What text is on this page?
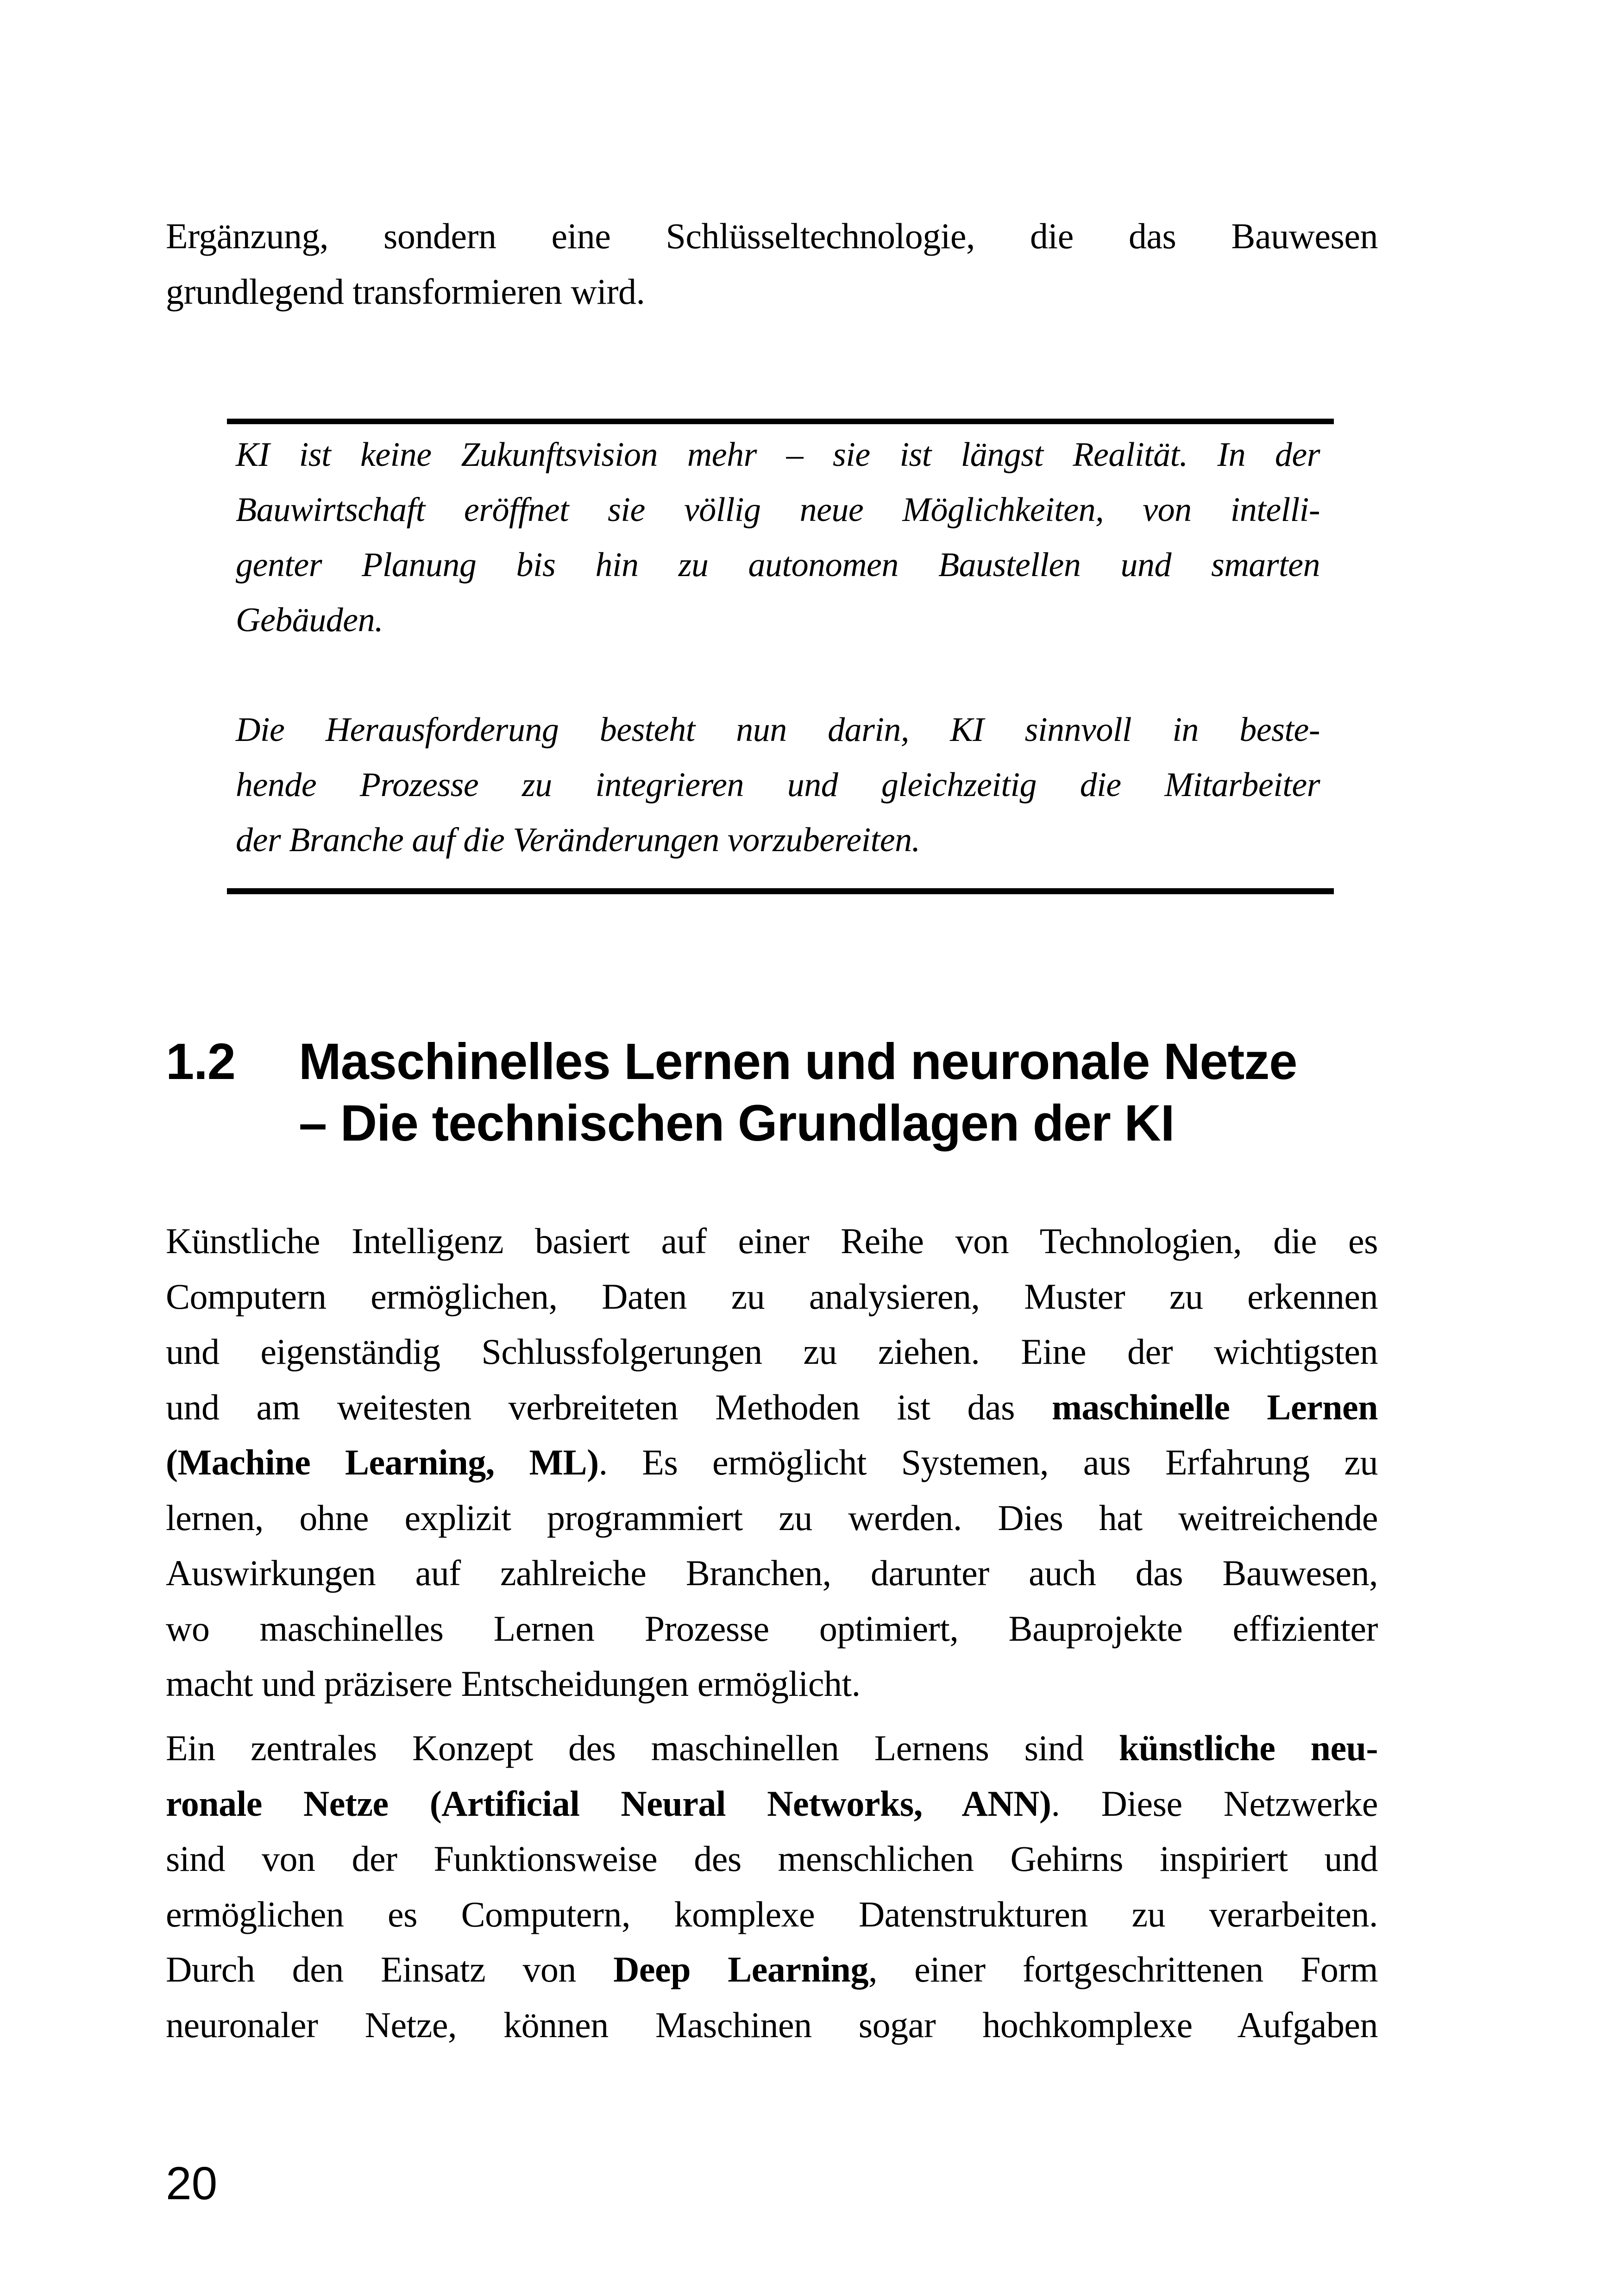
Ergänzung, sondern eine Schlüsseltechnologie, die das Bauwesen
grundlegend transformieren wird.
KI ist keine Zukunftsvision mehr – sie ist längst Realität. In der
Bauwirtschaft eröffnet sie völlig neue Möglichkeiten, von intelli-
genter Planung bis hin zu autonomen Baustellen und smarten
Gebäuden.
Die Herausforderung besteht nun darin, KI sinnvoll in beste-
hende Prozesse zu integrieren und gleichzeitig die Mitarbeiter
der Branche auf die Veränderungen vorzubereiten.
1.2	Maschinelles Lernen und neuronale Netze
– Die technischen Grundlagen der KI
Künstliche Intelligenz basiert auf einer Reihe von Technologien, die es
Computern ermöglichen, Daten zu analysieren, Muster zu erkennen
und eigenständig Schlussfolgerungen zu ziehen. Eine der wichtigsten
und am weitesten verbreiteten Methoden ist das maschinelle Lernen
(Machine Learning, ML). Es ermöglicht Systemen, aus Erfahrung zu
lernen, ohne explizit programmiert zu werden. Dies hat weitreichende
Auswirkungen auf zahlreiche Branchen, darunter auch das Bauwesen,
wo maschinelles Lernen Prozesse optimiert, Bauprojekte effizienter
macht und präzisere Entscheidungen ermöglicht.
Ein zentrales Konzept des maschinellen Lernens sind künstliche neu-
ronale Netze (Artificial Neural Networks, ANN). Diese Netzwerke
sind von der Funktionsweise des menschlichen Gehirns inspiriert und
ermöglichen es Computern, komplexe Datenstrukturen zu verarbeiten.
Durch den Einsatz von Deep Learning, einer fortgeschrittenen Form
neuronaler Netze, können Maschinen sogar hochkomplexe Aufgaben
20
